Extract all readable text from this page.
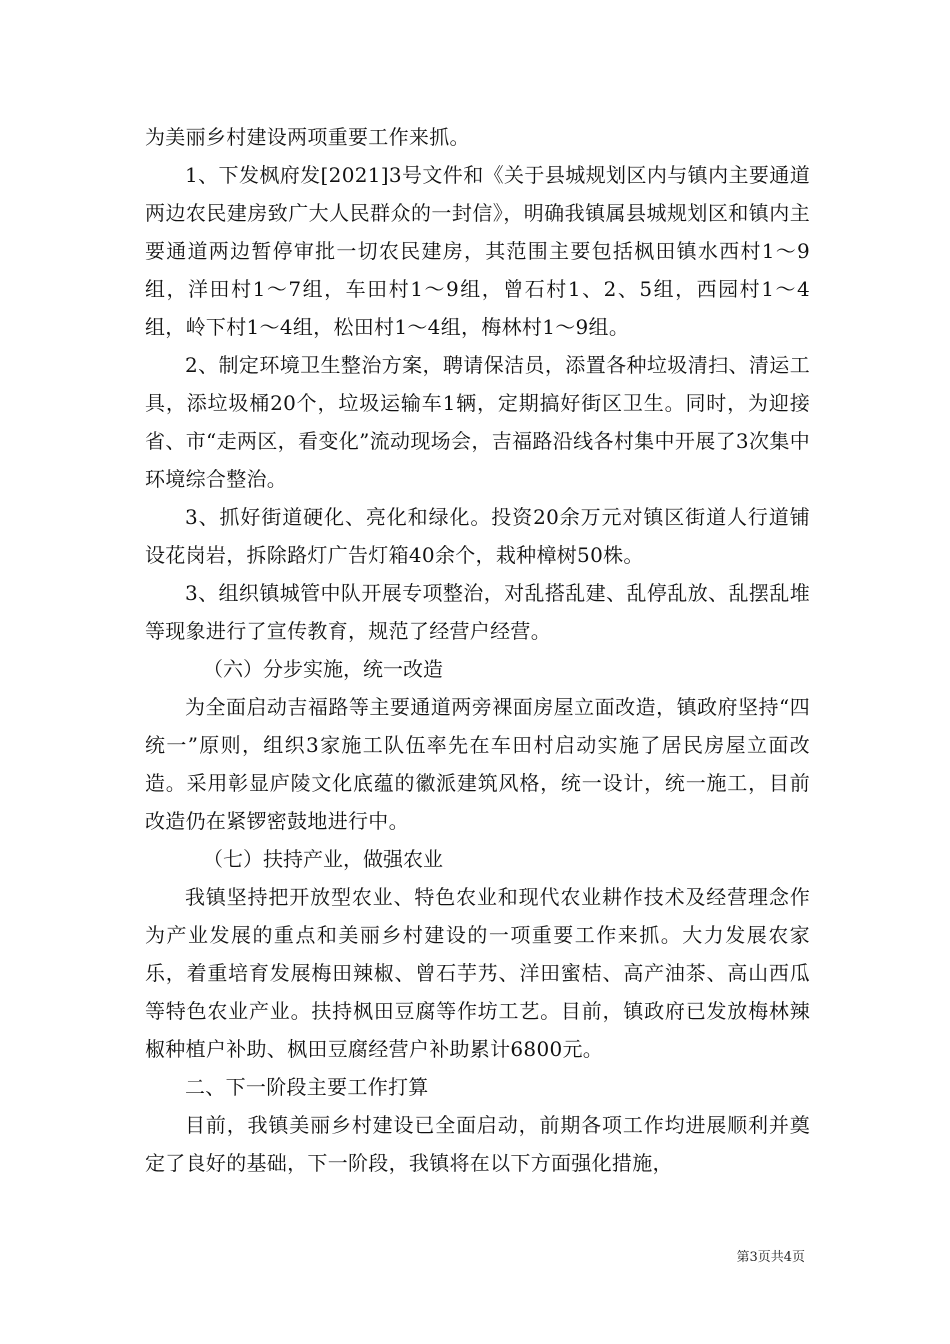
为美丽乡村建设两项重要工作来抓。

1、下发枫府发[2021]3号文件和《关于县城规划区内与镇内主要通道两边农民建房致广大人民群众的一封信》，明确我镇属县城规划区和镇内主要通道两边暂停审批一切农民建房，其范围主要包括枫田镇水西村1～9组，洋田村1～7组，车田村1～9组，曾石村1、2、5组，西园村1～4组，岭下村1～4组，松田村1～4组，梅林村1～9组。

2、制定环境卫生整治方案，聘请保洁员，添置各种垃圾清扫、清运工具，添垃圾桶20个，垃圾运输车1辆，定期搞好街区卫生。同时，为迎接省、市“走两区，看变化”流动现场会，吉福路沿线各村集中开展了3次集中环境综合整治。

3、抓好街道硬化、亮化和绿化。投资20余万元对镇区街道人行道铺设花岗岩，拆除路灯广告灯箱40余个，栽种樟树50株。

3、组织镇城管中队开展专项整治，对乱搭乱建、乱停乱放、乱摆乱堆等现象进行了宣传教育，规范了经营户经营。

（六）分步实施，统一改造

为全面启动吉福路等主要通道两旁裸面房屋立面改造，镇政府坚持“四统一”原则，组织3家施工队伍率先在车田村启动实施了居民房屋立面改造。采用彰显庐陵文化底蕴的徽派建筑风格，统一设计，统一施工，目前改造仍在紧锣密鼓地进行中。

（七）扶持产业，做强农业

我镇坚持把开放型农业、特色农业和现代农业耕作技术及经营理念作为产业发展的重点和美丽乡村建设的一项重要工作来抓。大力发展农家乐，着重培育发展梅田辣椒、曾石芋艿、洋田蜜桔、高产油茶、高山西瓜等特色农业产业。扶持枫田豆腐等作坊工艺。目前，镇政府已发放梅林辣椒种植户补助、枫田豆腐经营户补助累计6800元。

二、下一阶段主要工作打算

目前，我镇美丽乡村建设已全面启动，前期各项工作均进展顺利并奠定了良好的基础，下一阶段，我镇将在以下方面强化措施，

第3页共4页
